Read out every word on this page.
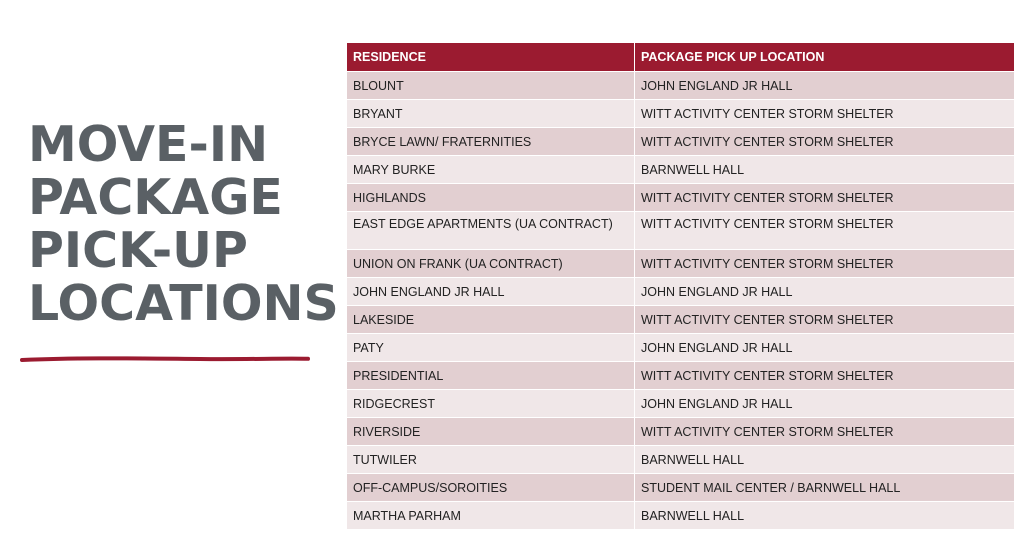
MOVE-IN
PACKAGE
PICK-UP
LOCATIONS
RESIDENCE	PACKAGE PICK UP LOCATION
BLOUNT	JOHN ENGLAND JR HALL
BRYANT	WITT ACTIVITY CENTER STORM SHELTER
BRYCE LAWN/ FRATERNITIES	WITT ACTIVITY CENTER STORM SHELTER
MARY BURKE	BARNWELL HALL
HIGHLANDS	WITT ACTIVITY CENTER STORM SHELTER
EAST EDGE APARTMENTS (UA CONTRACT)	WITT ACTIVITY CENTER STORM SHELTER
UNION ON FRANK (UA CONTRACT)	WITT ACTIVITY CENTER STORM SHELTER
JOHN ENGLAND JR HALL	JOHN ENGLAND JR HALL
LAKESIDE	WITT ACTIVITY CENTER STORM SHELTER
PATY	JOHN ENGLAND JR HALL
PRESIDENTIAL	WITT ACTIVITY CENTER STORM SHELTER
RIDGECREST	JOHN ENGLAND JR HALL
RIVERSIDE	WITT ACTIVITY CENTER STORM SHELTER
TUTWILER	BARNWELL HALL
OFF-CAMPUS/SOROITIES	STUDENT MAIL CENTER / BARNWELL HALL
MARTHA PARHAM	BARNWELL HALL
